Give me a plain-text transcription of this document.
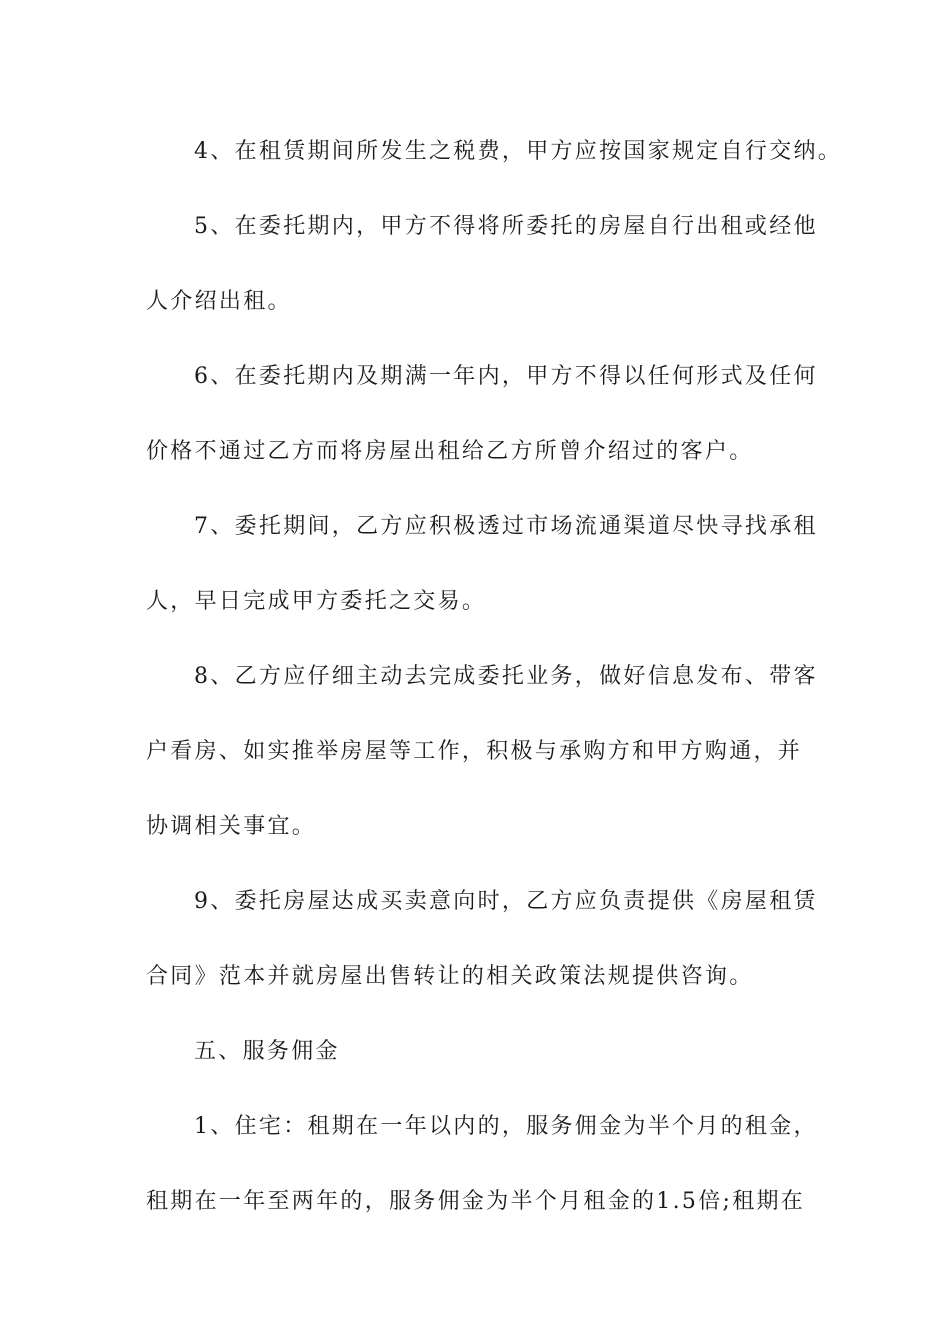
4、在租赁期间所发生之税费，甲方应按国家规定自行交纳。
5、在委托期内，甲方不得将所委托的房屋自行出租或经他
人介绍出租。
6、在委托期内及期满一年内，甲方不得以任何形式及任何
价格不通过乙方而将房屋出租给乙方所曾介绍过的客户。
7、委托期间，乙方应积极透过市场流通渠道尽快寻找承租
人，早日完成甲方委托之交易。
8、乙方应仔细主动去完成委托业务，做好信息发布、带客
户看房、如实推举房屋等工作，积极与承购方和甲方购通，并
协调相关事宜。
9、委托房屋达成买卖意向时，乙方应负责提供《房屋租赁
合同》范本并就房屋出售转让的相关政策法规提供咨询。
五、服务佣金
1、住宅：租期在一年以内的，服务佣金为半个月的租金，
租期在一年至两年的，服务佣金为半个月租金的1.5倍;租期在
